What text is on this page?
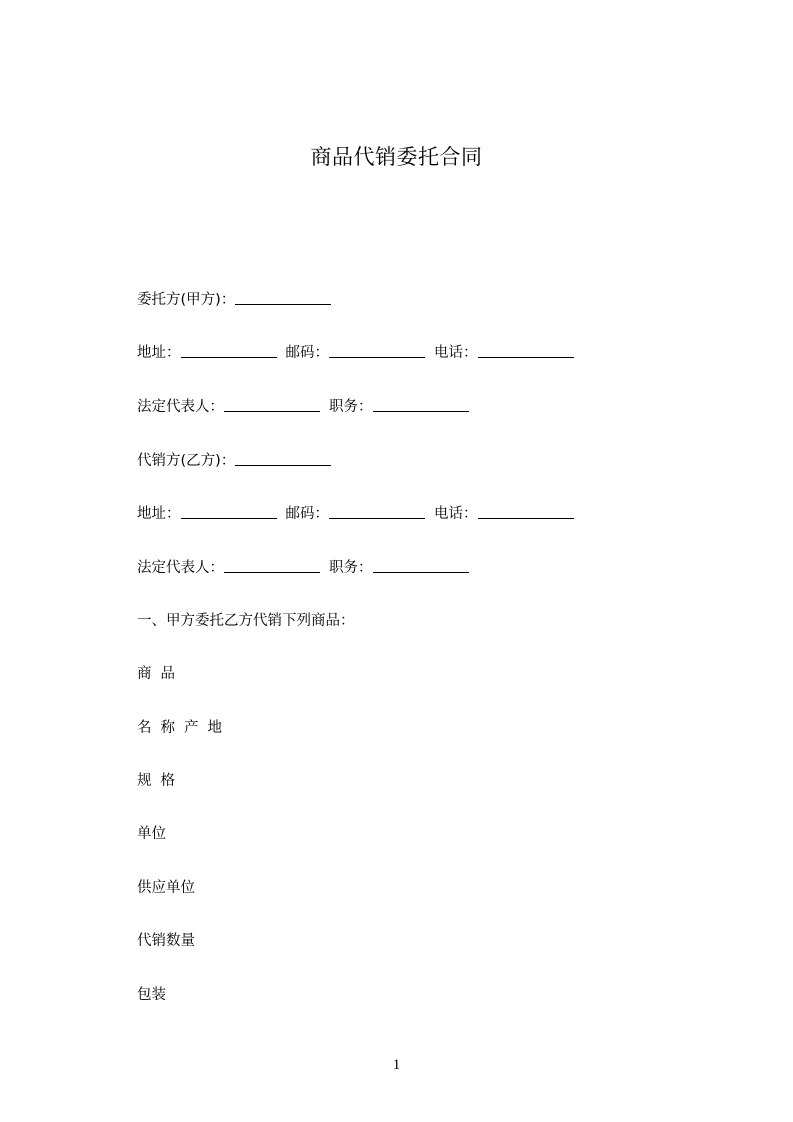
商品代销委托合同
委托方(甲方)：
地址：	邮码：	电话：
法定代表人：	职务：
代销方(乙方)：
地址：	邮码：	电话：
法定代表人：	职务：
一、甲方委托乙方代销下列商品：
商品
名称产地
规格
单位
供应单位
代销数量
包装
1
